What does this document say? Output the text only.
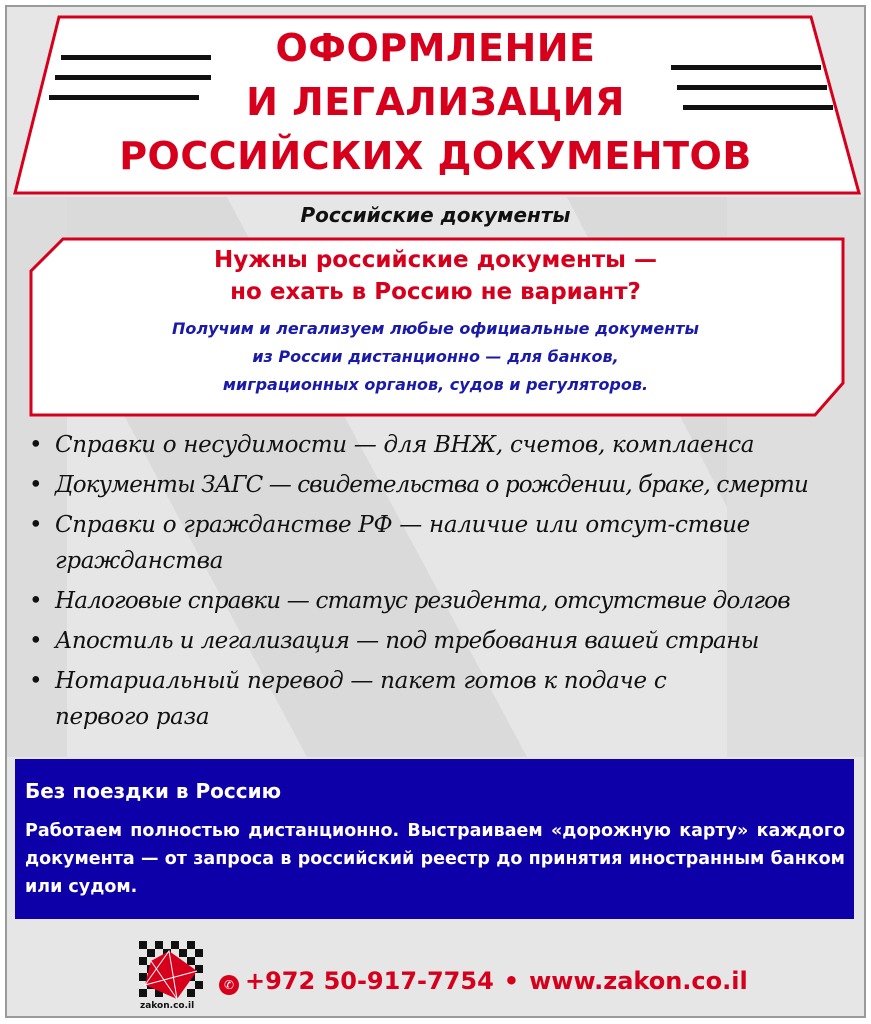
ОФОРМЛЕНИЕ
И ЛЕГАЛИЗАЦИЯ
РОССИЙСКИХ ДОКУМЕНТОВ
Российские документы
Нужны российские документы —
но ехать в Россию не вариант?
Получим и легализуем любые официальные документы
из России дистанционно — для банков,
миграционных органов, судов и регуляторов.
• Справки о несудимости — для ВНЖ, счетов, комплаенса
• Документы ЗАГС — свидетельства о рождении, браке, смерти
• Справки о гражданстве РФ — наличие или отсут-ствие гражданства
• Налоговые справки — статус резидента, отсутствие долгов
• Апостиль и легализация — под требования вашей страны
• Нотариальный перевод — пакет готов к подаче с первого раза
Без поездки в Россию
Работаем полностью дистанционно. Выстраиваем «дорожную карту» каждого документа — от запроса в российский реестр до принятия иностранным банком или судом.
zakon.co.il
✆ +972 50-917-7754 • www.zakon.co.il
